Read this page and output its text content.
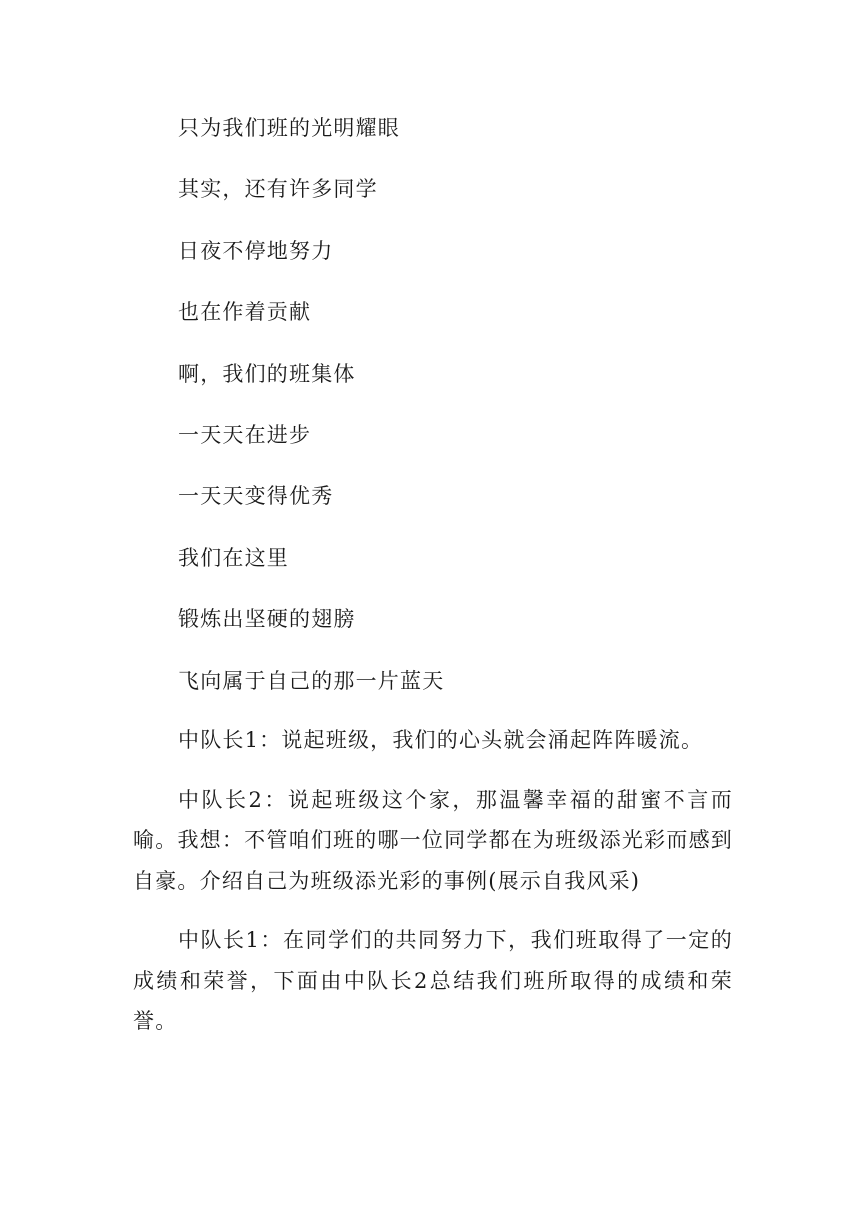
只为我们班的光明耀眼
其实，还有许多同学
日夜不停地努力
也在作着贡献
啊，我们的班集体
一天天在进步
一天天变得优秀
我们在这里
锻炼出坚硬的翅膀
飞向属于自己的那一片蓝天

中队长1：说起班级，我们的心头就会涌起阵阵暖流。

中队长2：说起班级这个家，那温馨幸福的甜蜜不言而喻。我想：不管咱们班的哪一位同学都在为班级添光彩而感到自豪。介绍自己为班级添光彩的事例(展示自我风采)

中队长1：在同学们的共同努力下，我们班取得了一定的成绩和荣誉，下面由中队长2总结我们班所取得的成绩和荣誉。
